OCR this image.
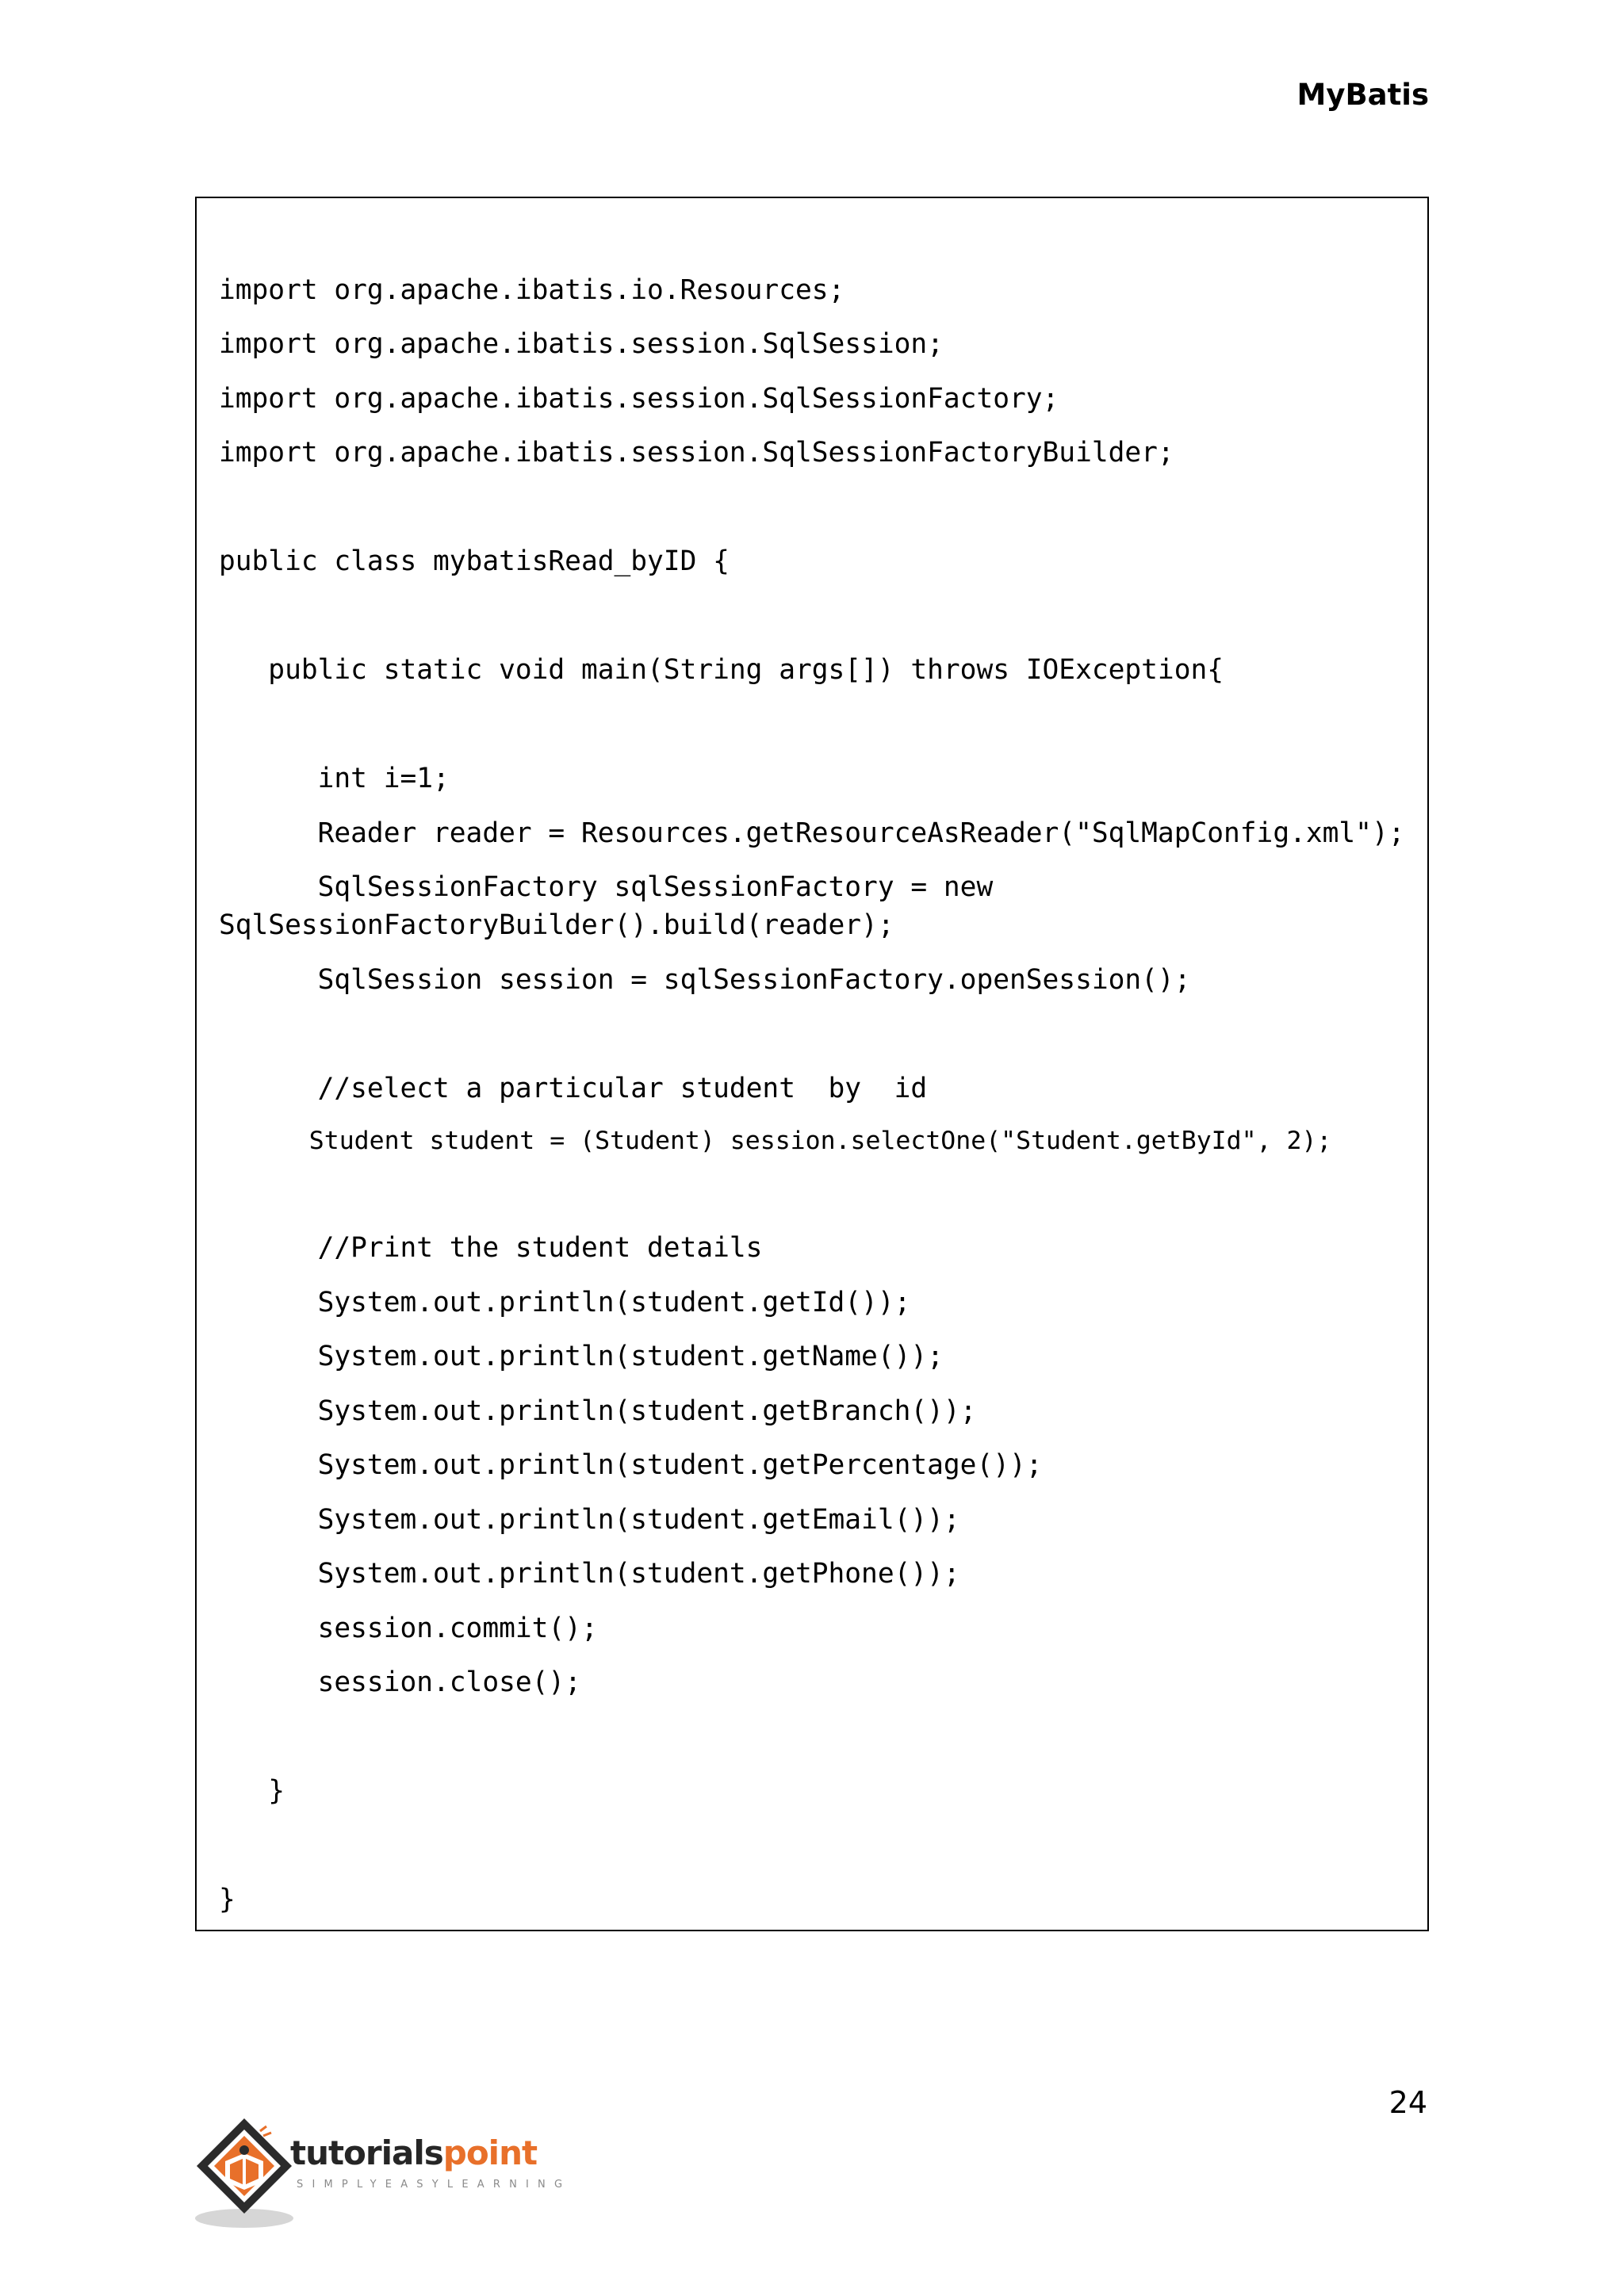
MyBatis
import org.apache.ibatis.io.Resources;
import org.apache.ibatis.session.SqlSession;
import org.apache.ibatis.session.SqlSessionFactory;
import org.apache.ibatis.session.SqlSessionFactoryBuilder;
public class mybatisRead_byID {
public static void main(String args[]) throws IOException{
int i=1;
Reader reader = Resources.getResourceAsReader("SqlMapConfig.xml");
SqlSessionFactory sqlSessionFactory = new
SqlSessionFactoryBuilder().build(reader);
SqlSession session = sqlSessionFactory.openSession();
//select a particular student  by  id
Student student = (Student) session.selectOne("Student.getById", 2);
//Print the student details
System.out.println(student.getId());
System.out.println(student.getName());
System.out.println(student.getBranch());
System.out.println(student.getPercentage());
System.out.println(student.getEmail());
System.out.println(student.getPhone());
session.commit();
session.close();
}
}
24
tutorialspoint
SIMPLYEASYLEARNING
